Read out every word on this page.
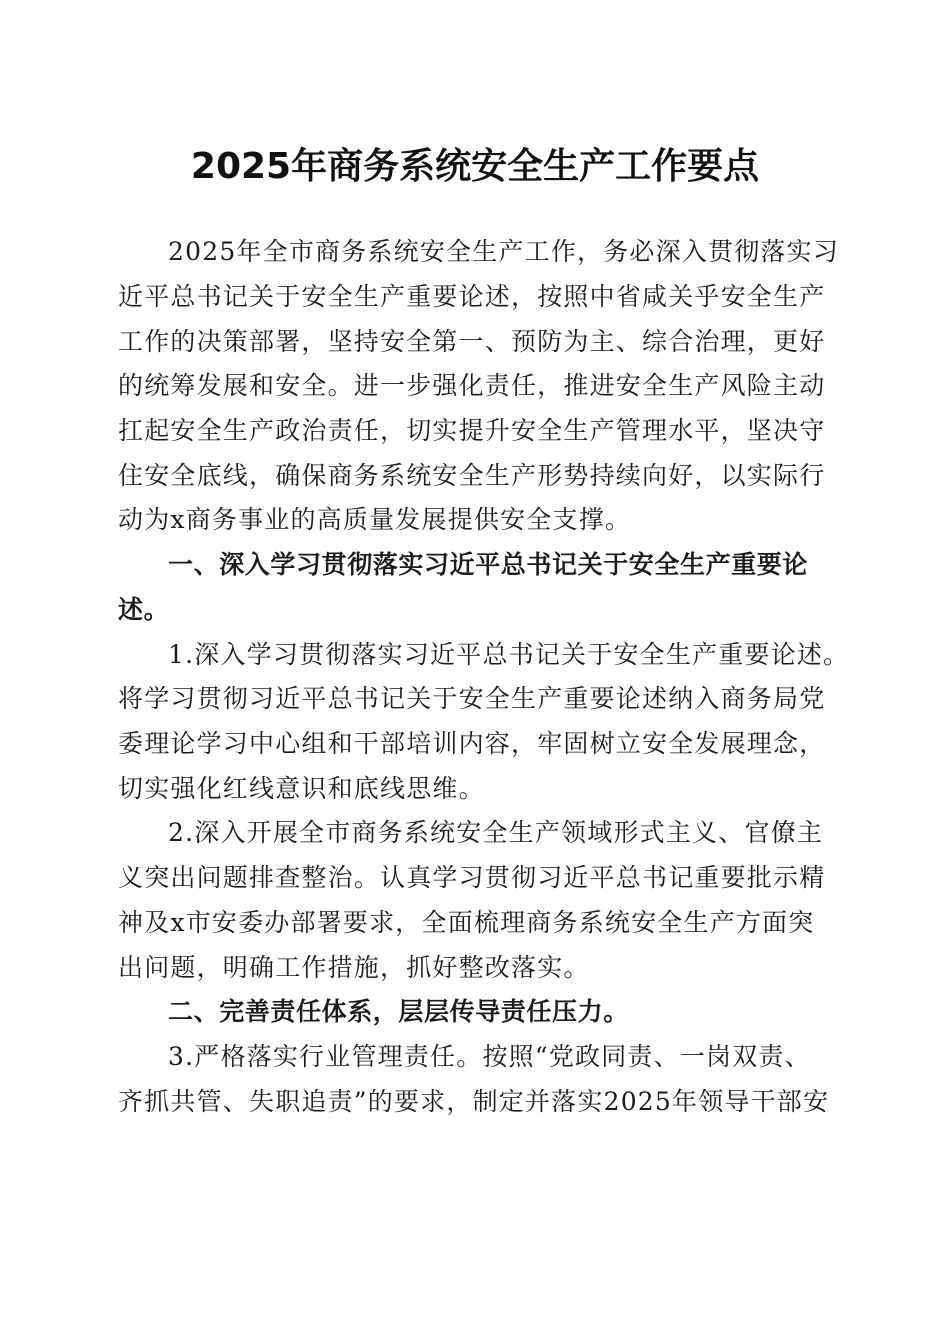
2025年商务系统安全生产工作要点
2025年全市商务系统安全生产工作，务必深入贯彻落实习
近平总书记关于安全生产重要论述，按照中省咸关乎安全生产
工作的决策部署，坚持安全第一、预防为主、综合治理，更好
的统筹发展和安全。进一步强化责任，推进安全生产风险主动
扛起安全生产政治责任，切实提升安全生产管理水平，坚决守
住安全底线，确保商务系统安全生产形势持续向好，以实际行
动为x商务事业的高质量发展提供安全支撑。
一、深入学习贯彻落实习近平总书记关于安全生产重要论
述。
1.深入学习贯彻落实习近平总书记关于安全生产重要论述。
将学习贯彻习近平总书记关于安全生产重要论述纳入商务局党
委理论学习中心组和干部培训内容，牢固树立安全发展理念，
切实强化红线意识和底线思维。
2.深入开展全市商务系统安全生产领域形式主义、官僚主
义突出问题排查整治。认真学习贯彻习近平总书记重要批示精
神及x市安委办部署要求，全面梳理商务系统安全生产方面突
出问题，明确工作措施，抓好整改落实。
二、完善责任体系，层层传导责任压力。
3.严格落实行业管理责任。按照“党政同责、一岗双责、
齐抓共管、失职追责”的要求，制定并落实2025年领导干部安
